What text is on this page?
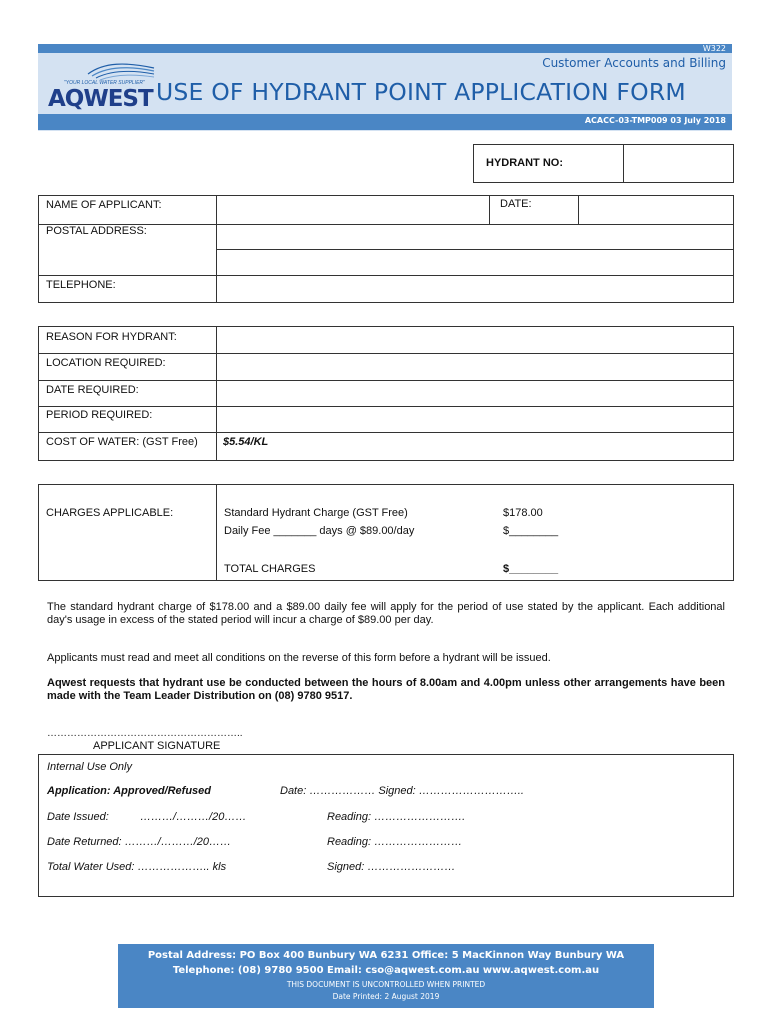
W322
Customer Accounts and Billing
"YOUR LOCAL WATER SUPPLIER"
AQWEST USE OF HYDRANT POINT APPLICATION FORM
ACACC-03-TMP009 03 July 2018
HYDRANT NO:
NAME OF APPLICANT:	DATE:
POSTAL ADDRESS:
TELEPHONE:
REASON FOR HYDRANT:
LOCATION REQUIRED:
DATE REQUIRED:
PERIOD REQUIRED:
COST OF WATER: (GST Free) $5.54/KL
CHARGES APPLICABLE:	Standard Hydrant Charge (GST Free)	$178.00
Daily Fee _______ days @ $89.00/day	$________
TOTAL CHARGES	$________
The standard hydrant charge of $178.00 and a $89.00 daily fee will apply for the period of use stated by the applicant. Each additional day's usage in excess of the stated period will incur a charge of $89.00 per day.
Applicants must read and meet all conditions on the reverse of this form before a hydrant will be issued.
Aqwest requests that hydrant use be conducted between the hours of 8.00am and 4.00pm unless other arrangements have been made with the Team Leader Distribution on (08) 9780 9517.
…………………………………………………..
APPLICANT SIGNATURE
Internal Use Only
Application: Approved/Refused	Date: ……………… Signed: ………………………..
Date Issued:	………/………/20……	Reading: …………………….
Date Returned: ………/………/20……	Reading: ……………………
Total Water Used: ……………….. kls	Signed: ……………………
Postal Address: PO Box 400 Bunbury WA 6231 Office: 5 MacKinnon Way Bunbury WA
Telephone: (08) 9780 9500 Email: cso@aqwest.com.au www.aqwest.com.au
THIS DOCUMENT IS UNCONTROLLED WHEN PRINTED
Date Printed: 2 August 2019
